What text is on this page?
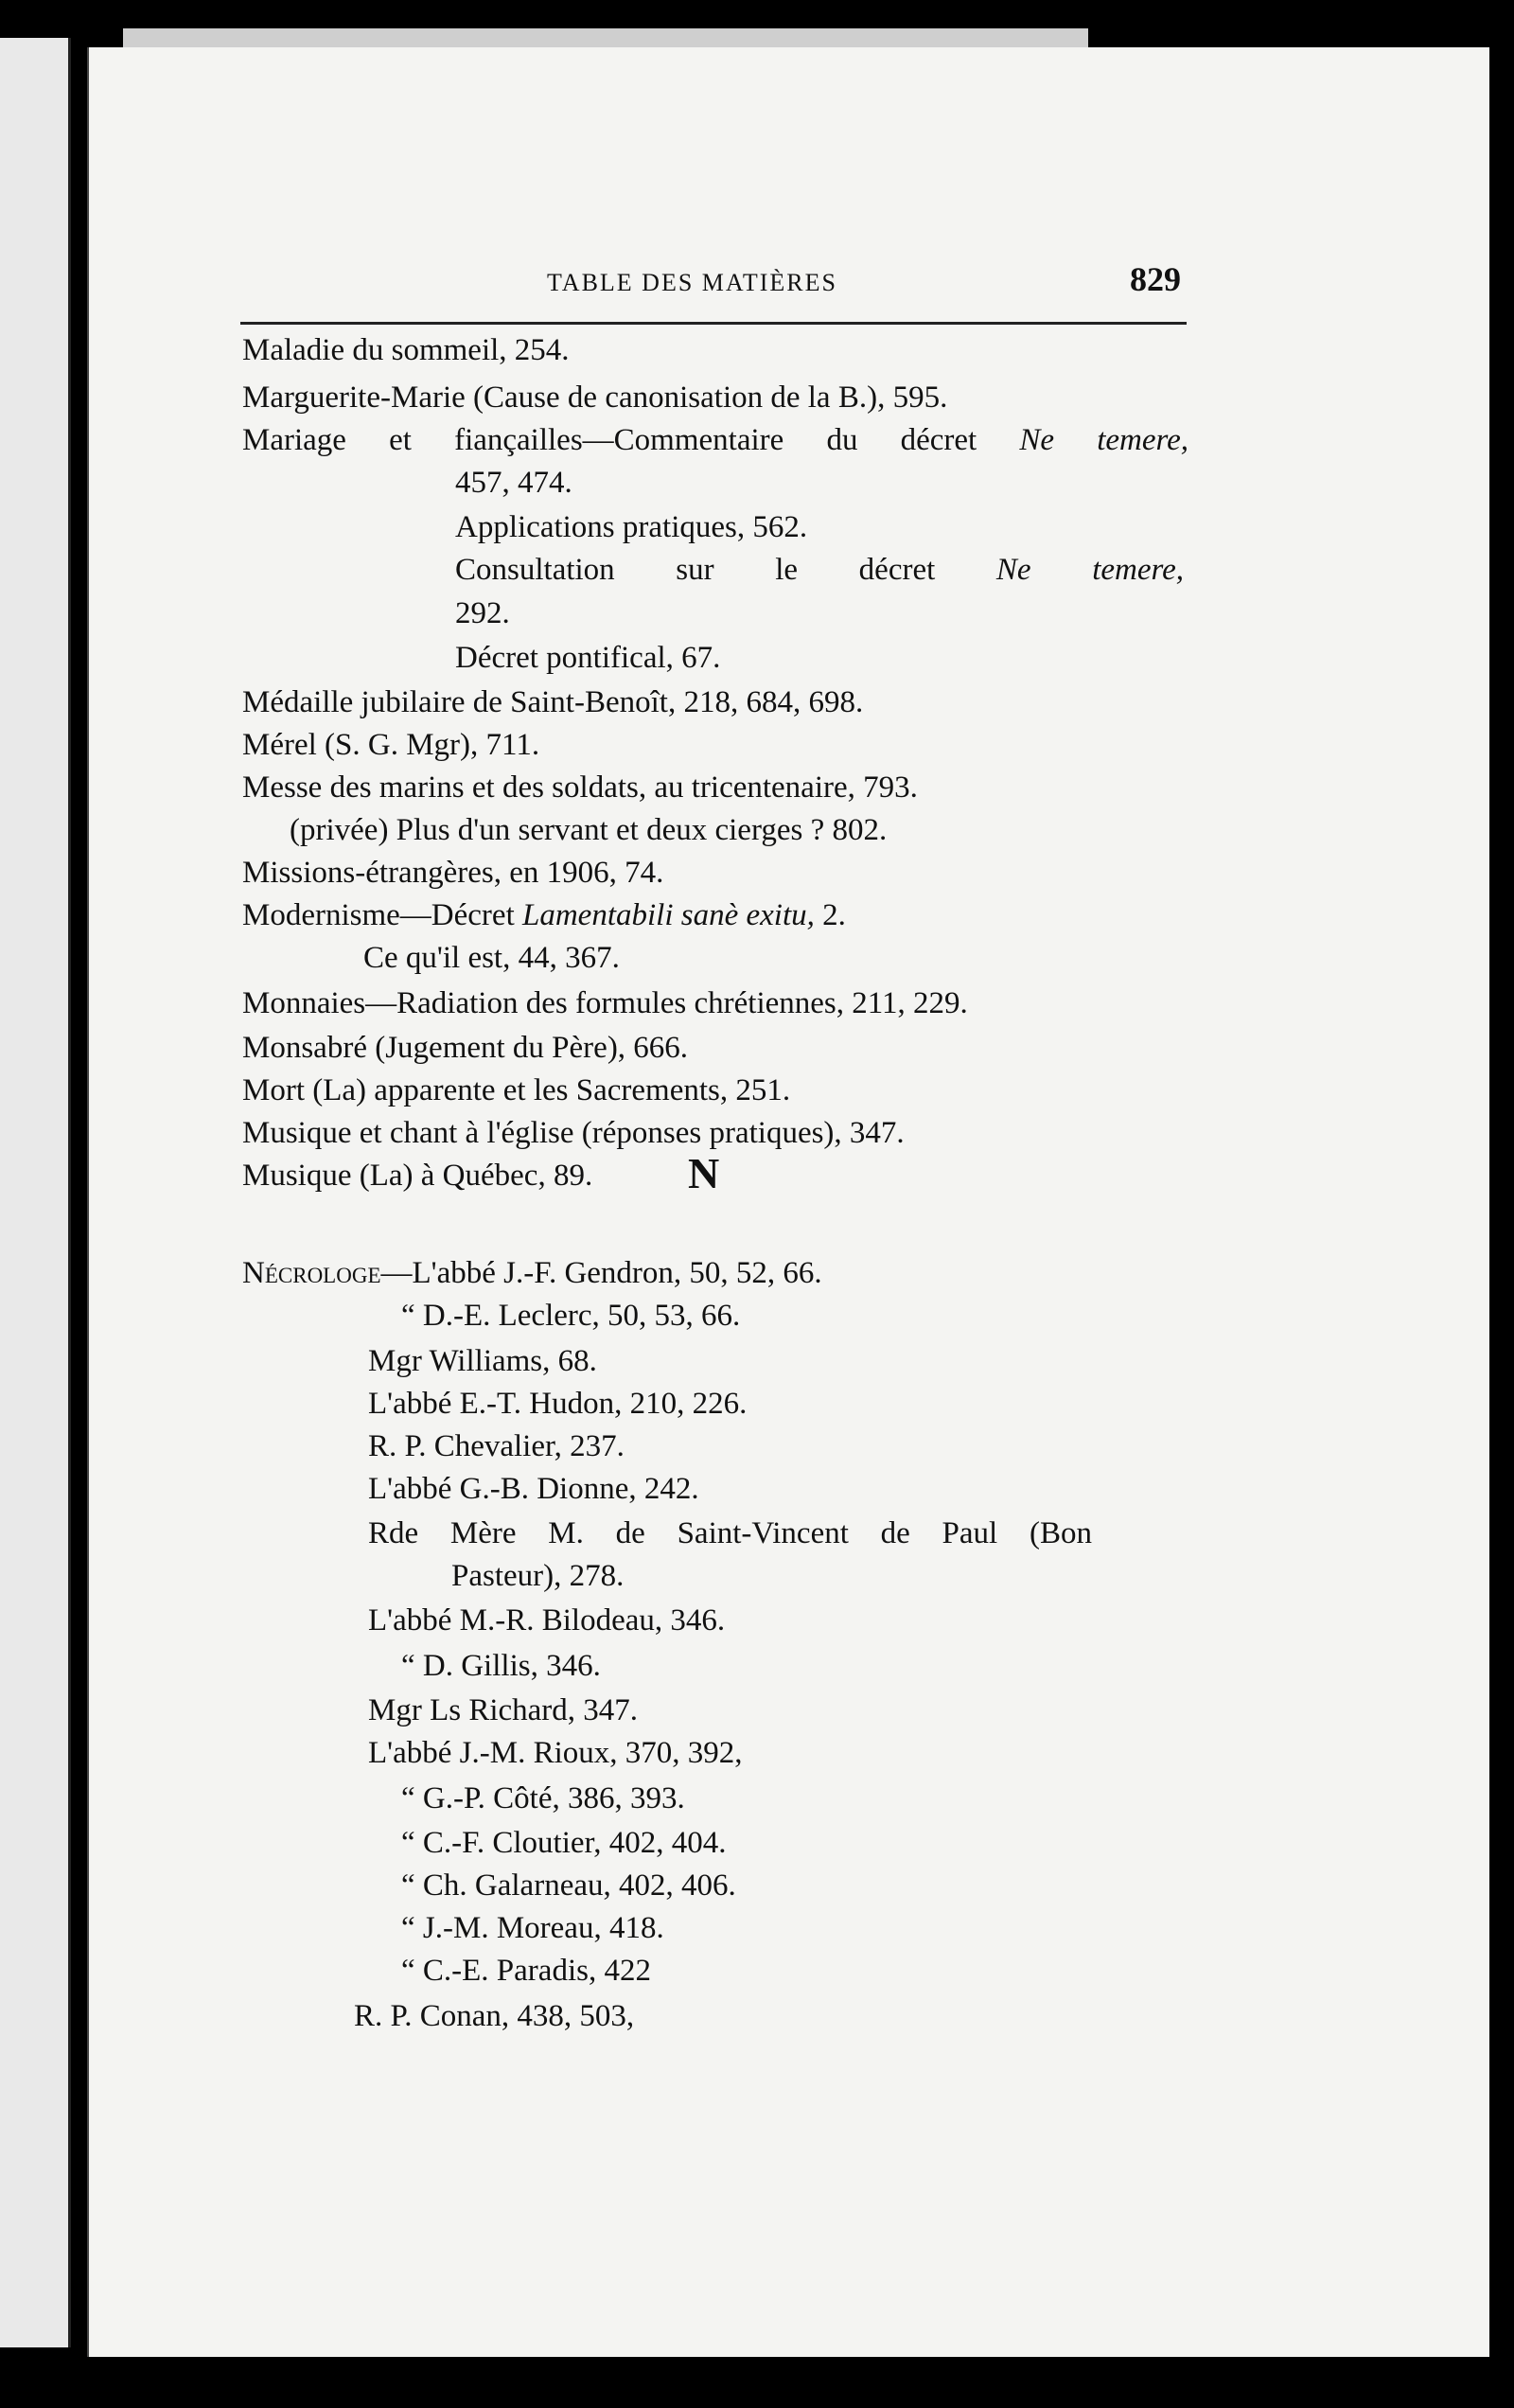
TABLE DES MATIÈRES	829
Maladie du sommeil, 254.
Marguerite-Marie (Cause de canonisation de la B.), 595.
Mariage et fiançailles—Commentaire du décret Ne temere,
457, 474.
Applications pratiques, 562.
Consultation sur le décret Ne temere,
292.
Décret pontifical, 67.
Médaille jubilaire de Saint-Benoît, 218, 684, 698.
Mérel (S. G. Mgr), 711.
Messe des marins et des soldats, au tricentenaire, 793.
(privée) Plus d'un servant et deux cierges ? 802.
Missions-étrangères, en 1906, 74.
Modernisme—Décret Lamentabili sanè exitu, 2.
Ce qu'il est, 44, 367.
Monnaies—Radiation des formules chrétiennes, 211, 229.
Monsabré (Jugement du Père), 666.
Mort (La) apparente et les Sacrements, 251.
Musique et chant à l'église (réponses pratiques), 347.
Musique (La) à Québec, 89. N
Nécrologe—L'abbé J.-F. Gendron, 50, 52, 66.
“ D.-E. Leclerc, 50, 53, 66.
Mgr Williams, 68.
L'abbé E.-T. Hudon, 210, 226.
R. P. Chevalier, 237.
L'abbé G.-B. Dionne, 242.
Rde Mère M. de Saint-Vincent de Paul (Bon
Pasteur), 278.
L'abbé M.-R. Bilodeau, 346.
“ D. Gillis, 346.
Mgr Ls Richard, 347.
L'abbé J.-M. Rioux, 370, 392,
“ G.-P. Côté, 386, 393.
“ C.-F. Cloutier, 402, 404.
“ Ch. Galarneau, 402, 406.
“ J.-M. Moreau, 418.
“ C.-E. Paradis, 422
R. P. Conan, 438, 503,
